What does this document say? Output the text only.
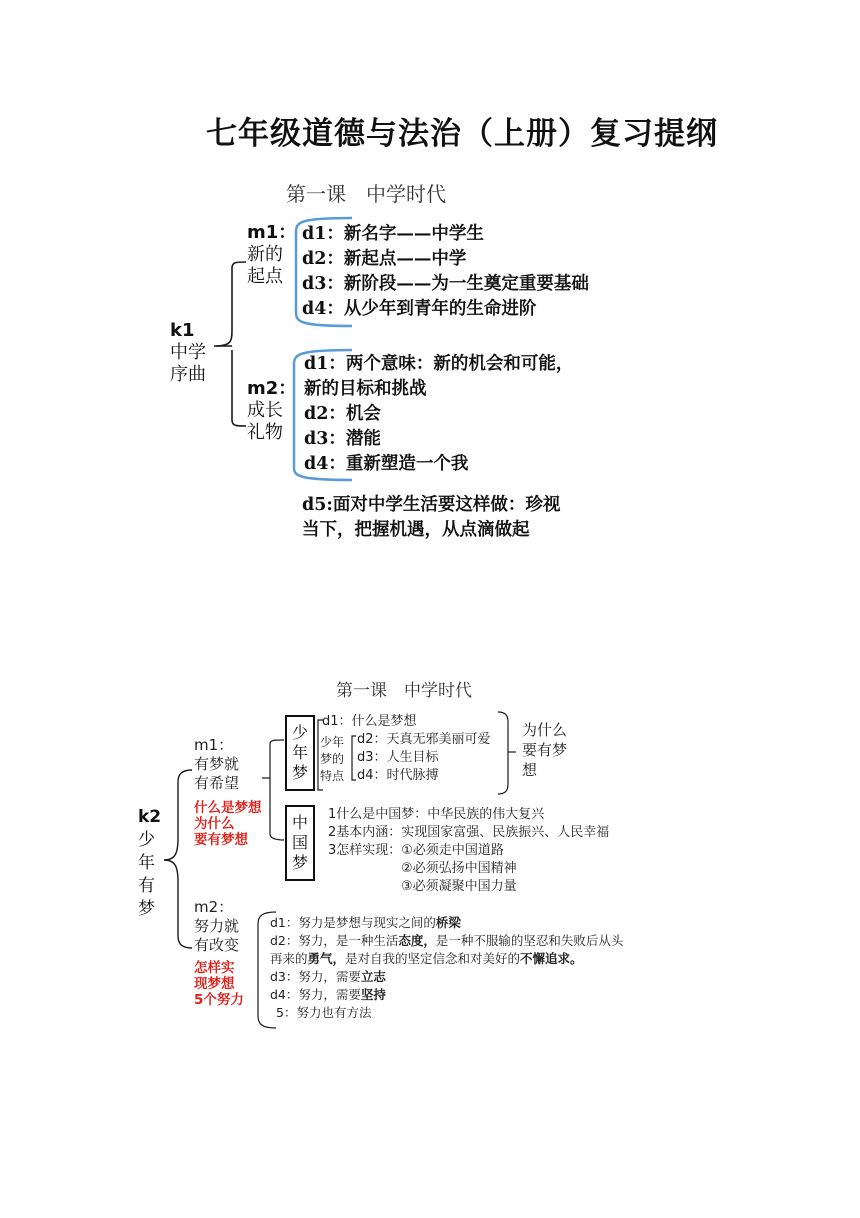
七年级道德与法治（上册）复习提纲
第一课　中学时代
k1
中学
序曲
m1：
新的
起点
d1：新名字——中学生
d2：新起点——中学
d3：新阶段——为一生奠定重要基础
d4：从少年到青年的生命进阶
m2：
成长
礼物
d1：两个意味：新的机会和可能，
新的目标和挑战
d2：机会
d3：潜能
d4：重新塑造一个我
d5:面对中学生活要这样做：珍视
当下，把握机遇，从点滴做起
第一课　中学时代
k2
少
年
有
梦
m1：
有梦就
有希望
什么是梦想
为什么
要有梦想
少
年
梦
d1：什么是梦想
少年
梦的
特点
d2：天真无邪美丽可爱
d3：人生目标
d4：时代脉搏
为什么
要有梦
想
中
国
梦
1什么是中国梦：中华民族的伟大复兴
2基本内涵：实现国家富强、民族振兴、人民幸福
3怎样实现：①必须走中国道路
②必须弘扬中国精神
③必须凝聚中国力量
m2：
努力就
有改变
怎样实
现梦想
5个努力
d1：努力是梦想与现实之间的桥梁
d2：努力，是一种生活态度，是一种不服输的坚忍和失败后从头
再来的勇气，是对自我的坚定信念和对美好的不懈追求。
d3：努力，需要立志
d4：努力，需要坚持
5：努力也有方法
